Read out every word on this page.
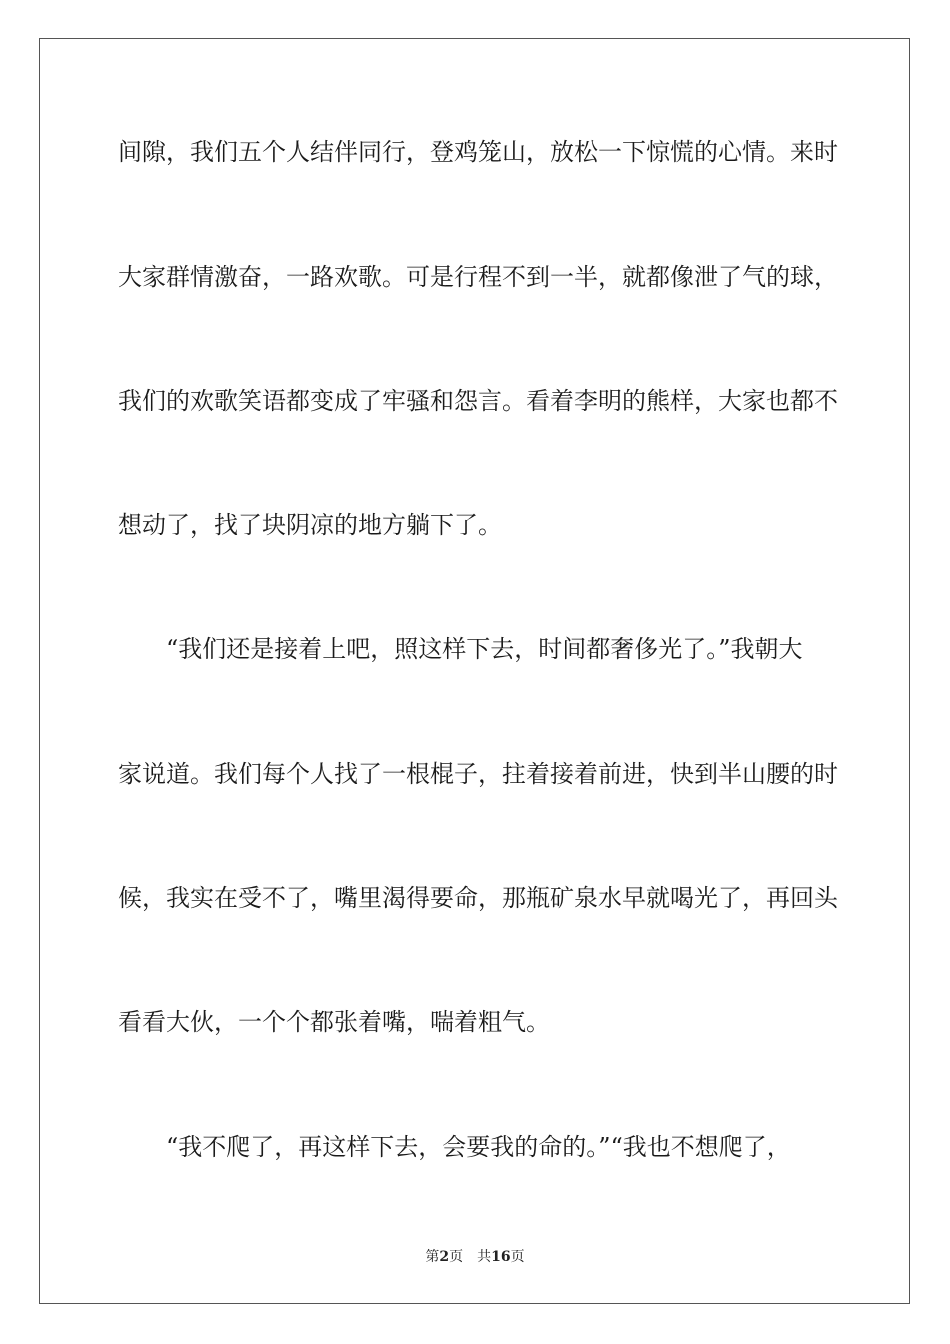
间隙，我们五个人结伴同行，登鸡笼山，放松一下惊慌的心情。来时
大家群情激奋，一路欢歌。可是行程不到一半，就都像泄了气的球，
我们的欢歌笑语都变成了牢骚和怨言。看着李明的熊样，大家也都不
想动了，找了块阴凉的地方躺下了。
“我们还是接着上吧，照这样下去，时间都奢侈光了。”我朝大
家说道。我们每个人找了一根棍子，拄着接着前进，快到半山腰的时
候，我实在受不了，嘴里渴得要命，那瓶矿泉水早就喝光了，再回头
看看大伙，一个个都张着嘴，喘着粗气。
“我不爬了，再这样下去，会要我的命的。”“我也不想爬了，
第2页 共16页
